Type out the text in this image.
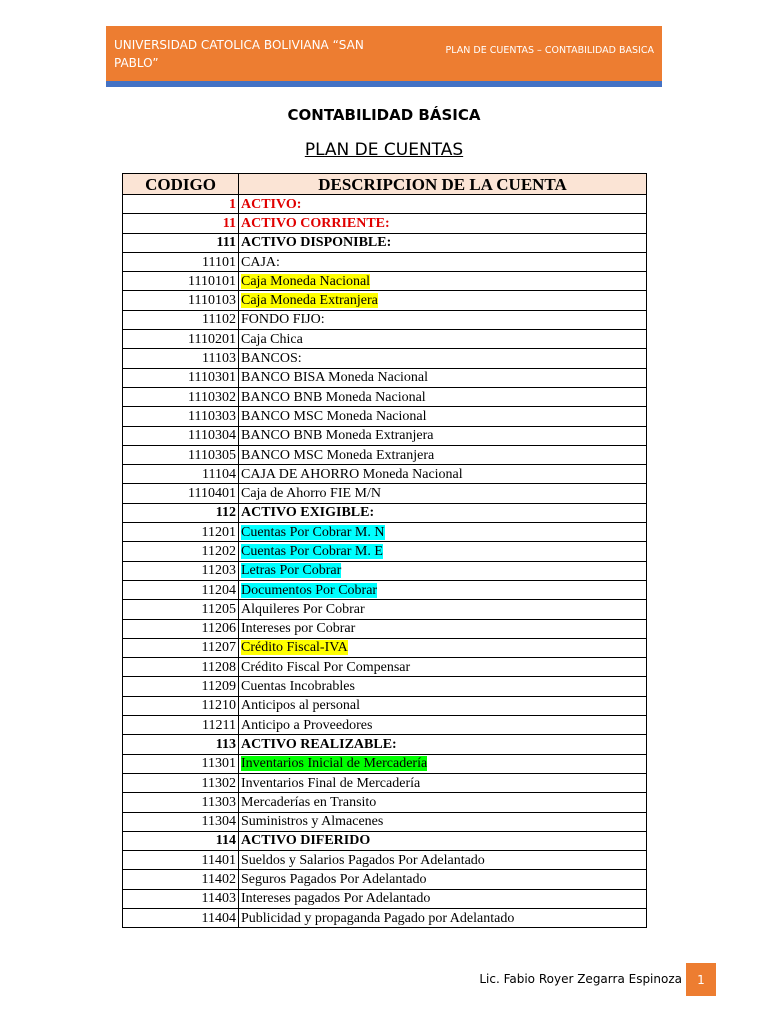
UNIVERSIDAD CATOLICA BOLIVIANA “SAN PABLO”
PLAN DE CUENTAS – CONTABILIDAD BASICA
CONTABILIDAD BÁSICA
PLAN DE CUENTAS
CODIGO	DESCRIPCION DE LA CUENTA
1	ACTIVO:
11	ACTIVO CORRIENTE:
111	ACTIVO DISPONIBLE:
11101	CAJA:
1110101	Caja Moneda Nacional
1110103	Caja Moneda Extranjera
11102	FONDO FIJO:
1110201	Caja Chica
11103	BANCOS:
1110301	BANCO BISA Moneda Nacional
1110302	BANCO BNB Moneda Nacional
1110303	BANCO MSC Moneda Nacional
1110304	BANCO BNB Moneda Extranjera
1110305	BANCO MSC Moneda Extranjera
11104	CAJA DE AHORRO Moneda Nacional
1110401	Caja de Ahorro FIE M/N
112	ACTIVO EXIGIBLE:
11201	Cuentas Por Cobrar M. N
11202	Cuentas Por Cobrar M. E
11203	Letras Por Cobrar
11204	Documentos Por Cobrar
11205	Alquileres Por Cobrar
11206	Intereses por Cobrar
11207	Crédito Fiscal-IVA
11208	Crédito Fiscal Por Compensar
11209	Cuentas Incobrables
11210	Anticipos al personal
11211	Anticipo a Proveedores
113	ACTIVO REALIZABLE:
11301	Inventarios Inicial de Mercadería
11302	Inventarios Final de Mercadería
11303	Mercaderías en Transito
11304	Suministros y Almacenes
114	ACTIVO DIFERIDO
11401	Sueldos y Salarios Pagados Por Adelantado
11402	Seguros Pagados Por Adelantado
11403	Intereses pagados Por Adelantado
11404	Publicidad y propaganda Pagado por Adelantado
Lic. Fabio Royer Zegarra Espinoza	1
